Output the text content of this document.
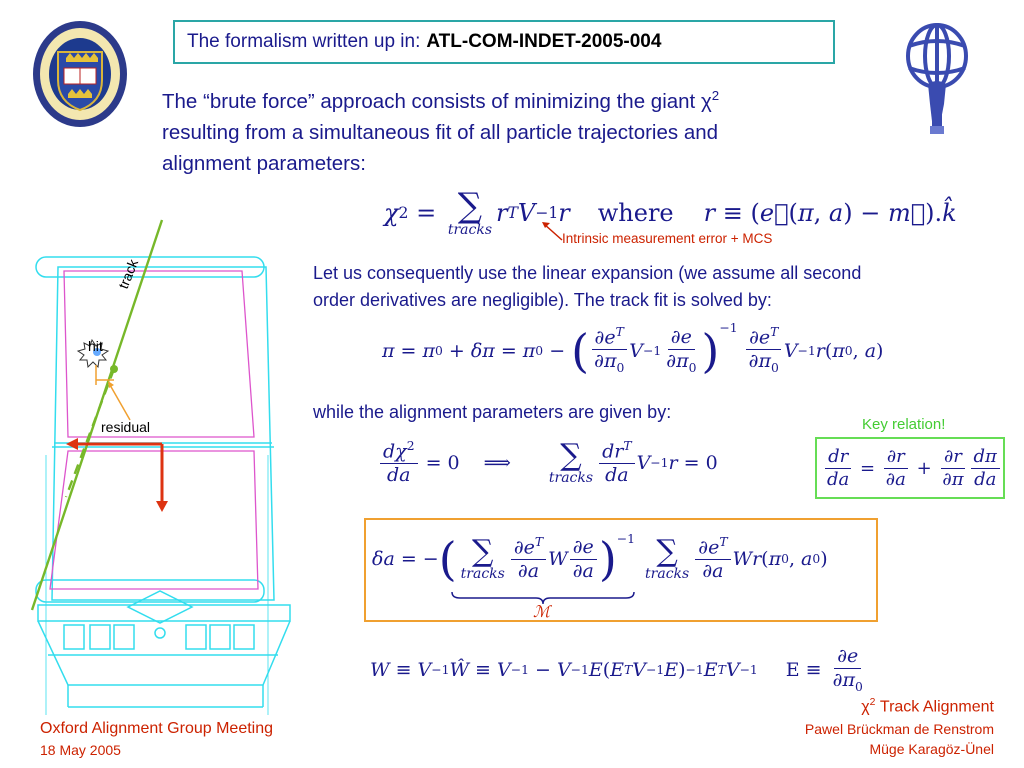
The formalism written up in: ATL-COM-INDET-2005-004
The “brute force” approach consists of minimizing the giant $\chi^2$
resulting from a simultaneous fit of all particle trajectories and
alignment parameters:
χ 2 = ∑
tracks
r T V −1 r where r ≡ ( e⃗ ( π , a ) − m⃗ ). k̂
Intrinsic measurement error + MCS
Let us consequently use the linear expansion (we assume all second
order derivatives are negligible). The track fit is solved by:
π = π 0 + δπ = π 0 − ( $\frac{\partial e^T}{\partial\pi_0}$ $V -1 \frac{\partial e}{\partial\pi_0} )^{-1}$
$\frac{\partial e^T}{\partial\pi_0}$ V −1 r ( π 0 , a )
while the alignment parameters are given by:
Key relation!
$\frac{d\chi^2}{da} = 0$
⟹ ∑
tracks $\frac{dr^T}{da}$ V −1 r = 0	$\frac{dr}{da} = \frac{\partial r}{\partial a} + \frac{\partial r}{\partial\pi} \frac{d\pi}{da}$
δa = − ( ∑
tracks $\frac{\partial e^T}{\partial a}$ W $\frac{\partial e}{\partial a} )^{-1}$
∑
tracks $\frac{\partial e^T}{\partial a}$ W r ( π 0 , a 0 )
ℳ
W ≡ V −1 Ŵ ≡ V −1 − V −1 E ( E T V −1 E ) −1 E T V −1 $E \equiv \frac{\partial e}{\partial\pi_0}$
track
hit
residual
Oxford Alignment Group Meeting
18 May 2005
$\chi^2$ Track Alignment
Pawel Brückman de Renstrom
Müge Karagöz-Ünel
